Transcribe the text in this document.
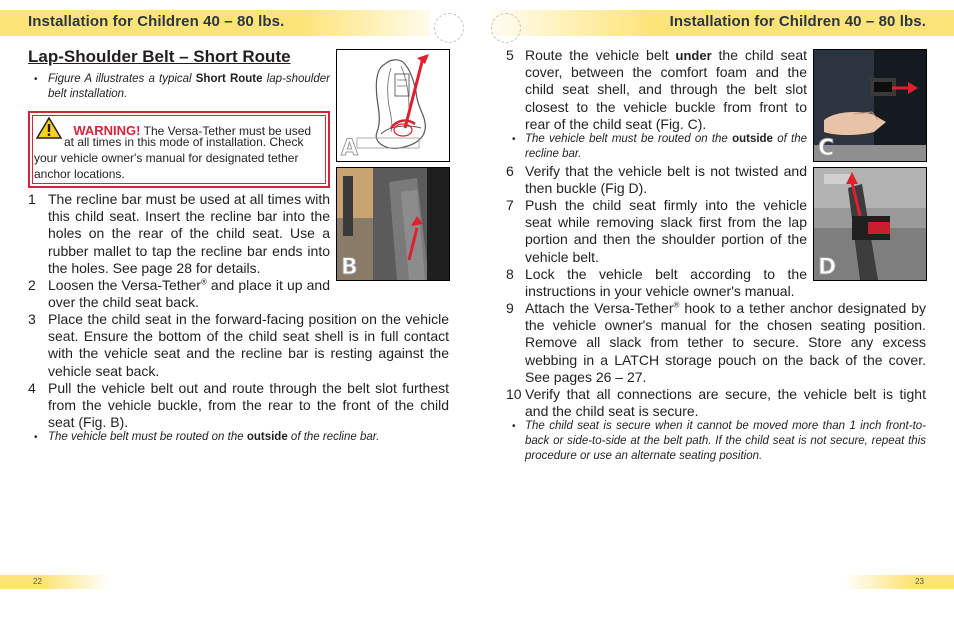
Installation for Children 40 – 80 lbs.	Installation for Children 40 – 80 lbs.
Lap-Shoulder Belt – Short Route
• Figure A illustrates a typical Short Route lap-shoulder belt installation.
WARNING! The Versa-Tether must be used
at all times in this mode of installation. Check
your vehicle owner's manual for designated tether
anchor locations.
1 The recline bar must be used at all times with this child seat. Insert the recline bar into the holes on the rear of the child seat. Use a rubber mallet to tap the recline bar ends into the holes. See page 28 for details.
2 Loosen the Versa-Tether® and place it up and over the child seat back.
3 Place the child seat in the forward-facing position on the vehicle seat. Ensure the bottom of the child seat shell is in full contact with the vehicle seat and the recline bar is resting against the vehicle seat back.
4 Pull the vehicle belt out and route through the belt slot furthest from the vehicle buckle, from the rear to the front of the child seat (Fig. B).
• The vehicle belt must be routed on the outside of the recline bar.
A
B
5 Route the vehicle belt under the child seat cover, between the comfort foam and the child seat shell, and through the belt slot closest to the vehicle buckle from front to rear of the child seat (Fig. C).
• The vehicle belt must be routed on the outside of the recline bar.
6 Verify that the vehicle belt is not twisted and then buckle (Fig D).
7 Push the child seat firmly into the vehicle seat while removing slack first from the lap portion and then the shoulder portion of the vehicle belt.
8 Lock the vehicle belt according to the instructions in your vehicle owner's manual.
9 Attach the Versa-Tether® hook to a tether anchor designated by the vehicle owner's manual for the chosen seating position. Remove all slack from tether to secure. Store any excess webbing in a LATCH storage pouch on the back of the cover. See pages 26 – 27.
10 Verify that all connections are secure, the vehicle belt is tight and the child seat is secure.
• The child seat is secure when it cannot be moved more than 1 inch front-to-back or side-to-side at the belt path. If the child seat is not secure, repeat this procedure or use an alternate seating position.
C
D
22	23
